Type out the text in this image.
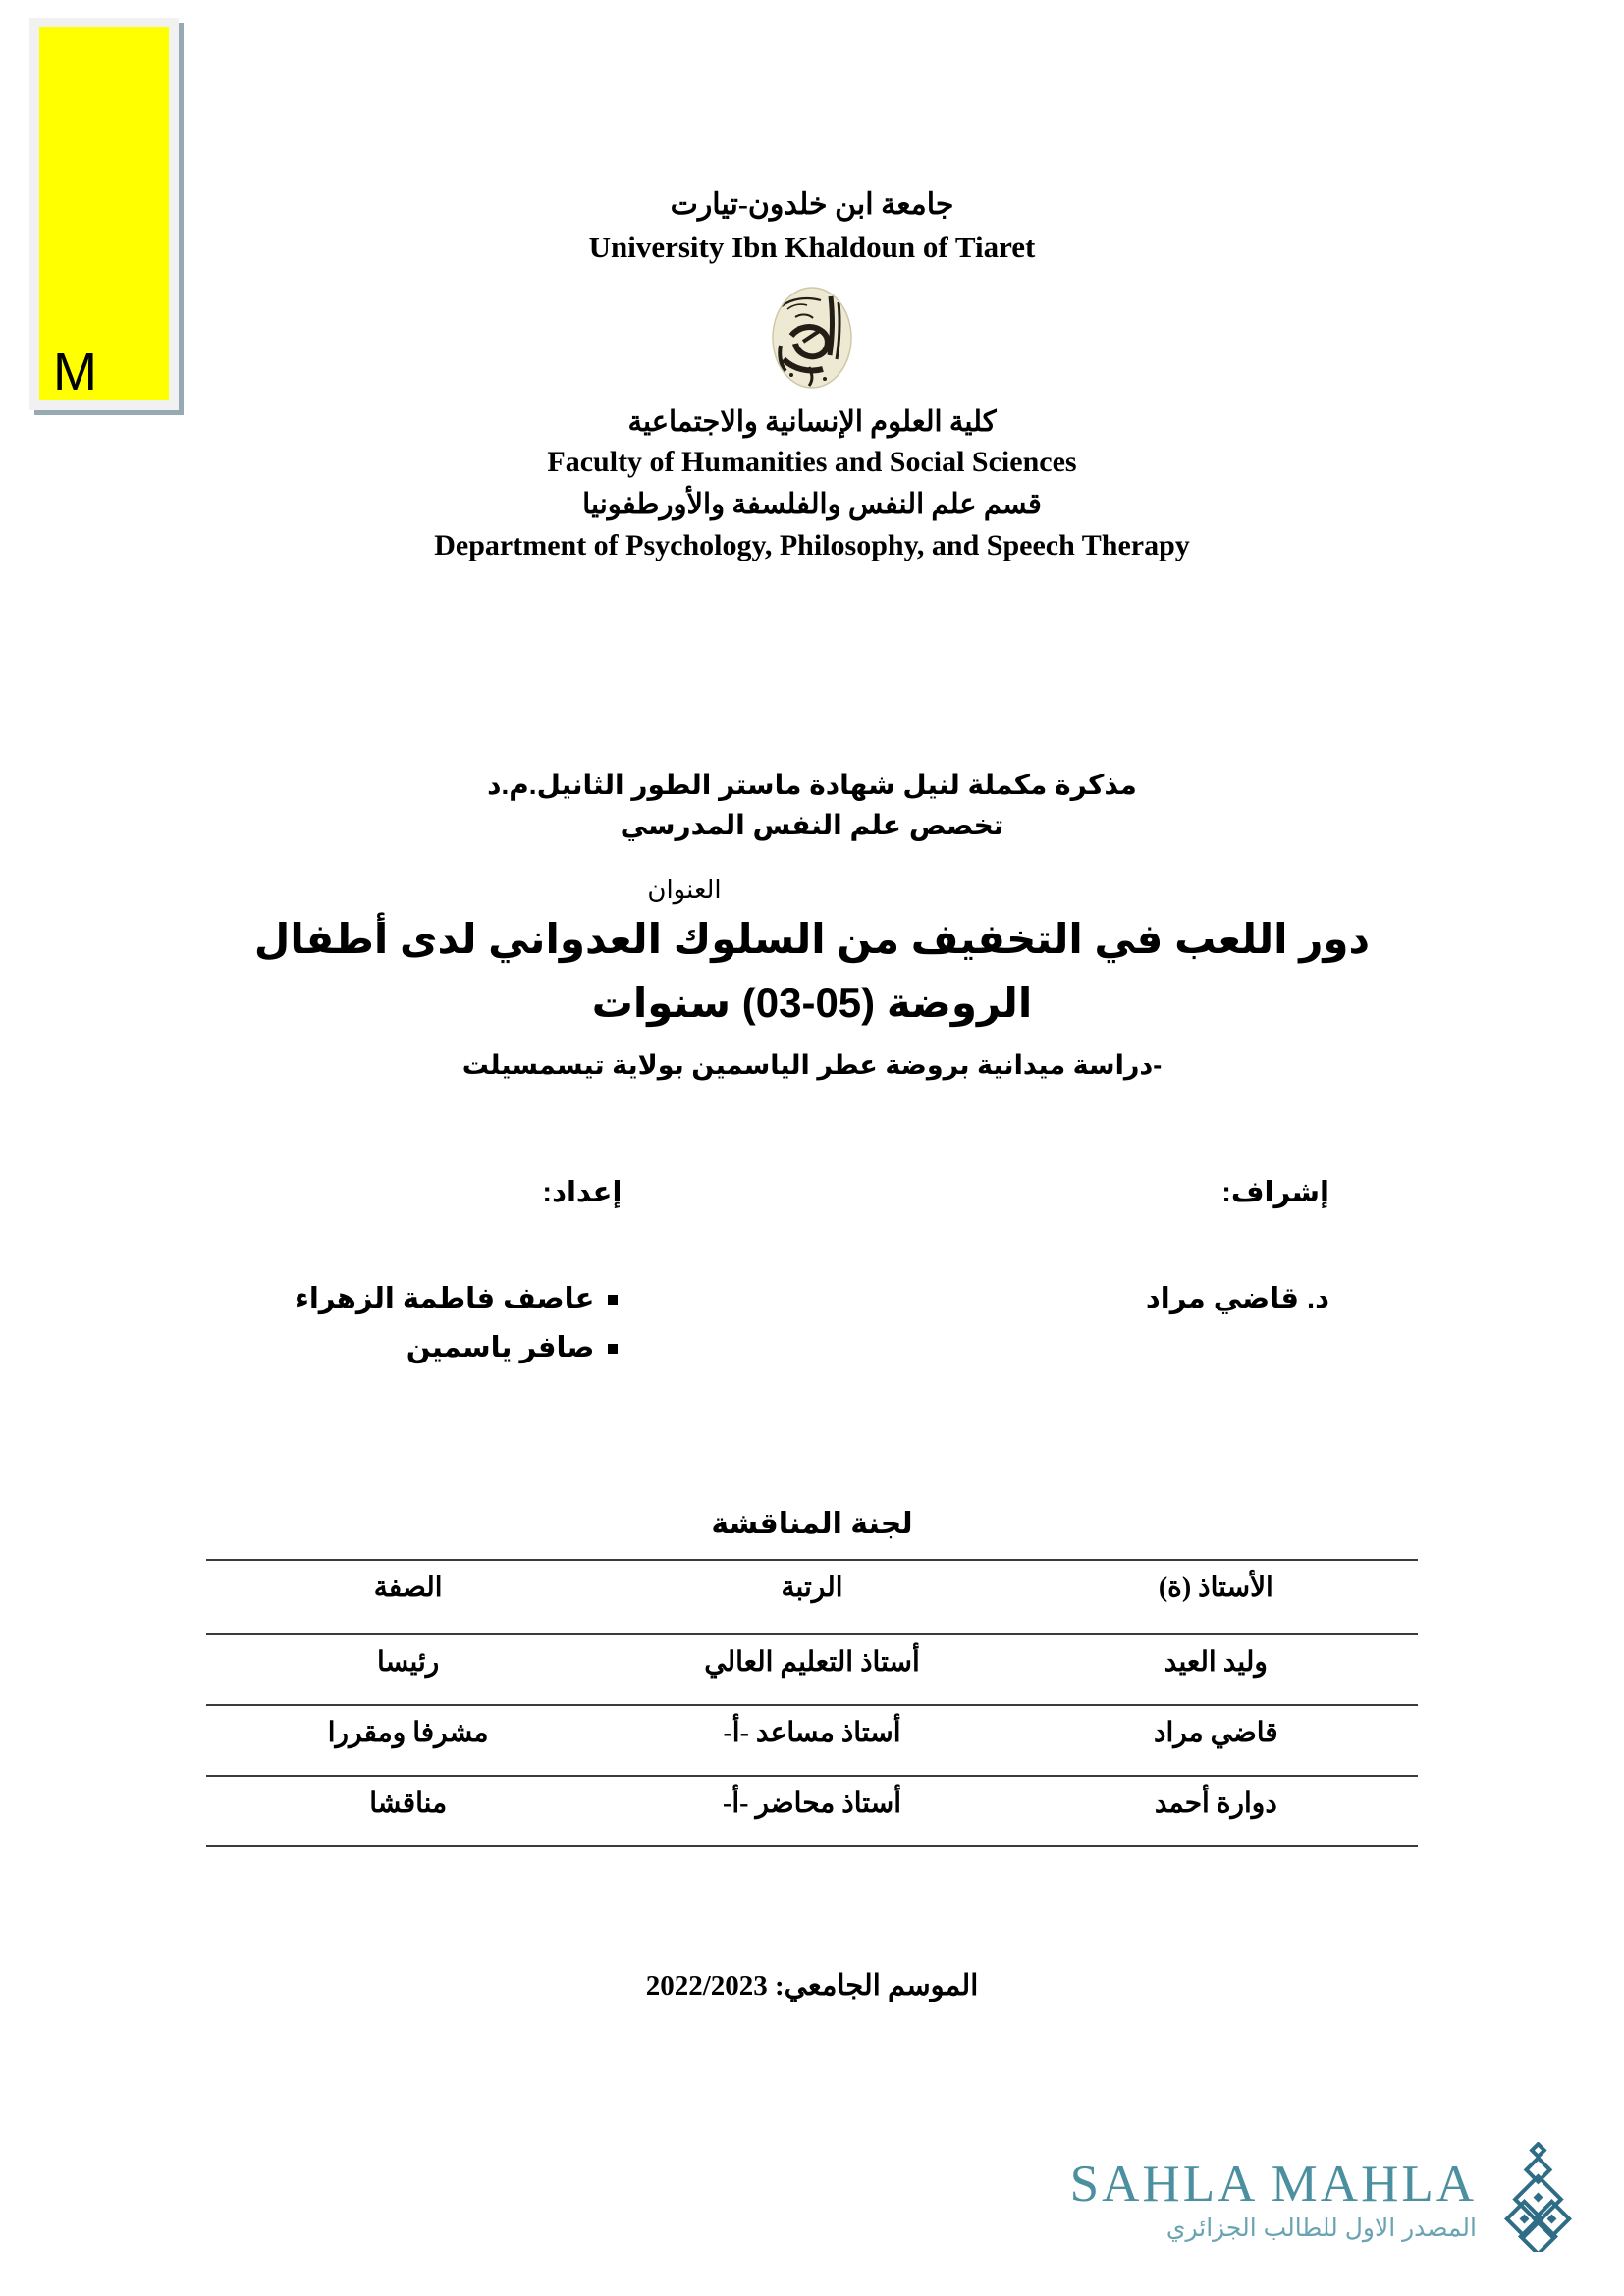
M
جامعة ابن خلدون-تيارت
University Ibn Khaldoun of Tiaret
كلية العلوم الإنسانية والاجتماعية
Faculty of Humanities and Social Sciences
قسم علم النفس والفلسفة والأورطفونيا
Department of Psychology, Philosophy, and Speech Therapy
مذكرة مكملة لنيل شهادة ماستر الطور الثانيل.م.د
تخصص علم النفس المدرسي
العنوان
دور اللعب في التخفيف من السلوك العدواني لدى أطفال الروضة (05-03) سنوات
-دراسة ميدانية بروضة عطر الياسمين بولاية تيسمسيلت
إشراف:
د. قاضي مراد
إعداد:
عاصف فاطمة الزهراء
صافر ياسمين
لجنة المناقشة
الأستاذ (ة)	الرتبة	الصفة
وليد العيد	أستاذ التعليم العالي	رئيسا
قاضي مراد	أستاذ مساعد -أ-	مشرفا ومقررا
دوارة أحمد	أستاذ محاضر -أ-	مناقشا
الموسم الجامعي: 2022/2023
SAHLA MAHLA
المصدر الاول للطالب الجزائري
